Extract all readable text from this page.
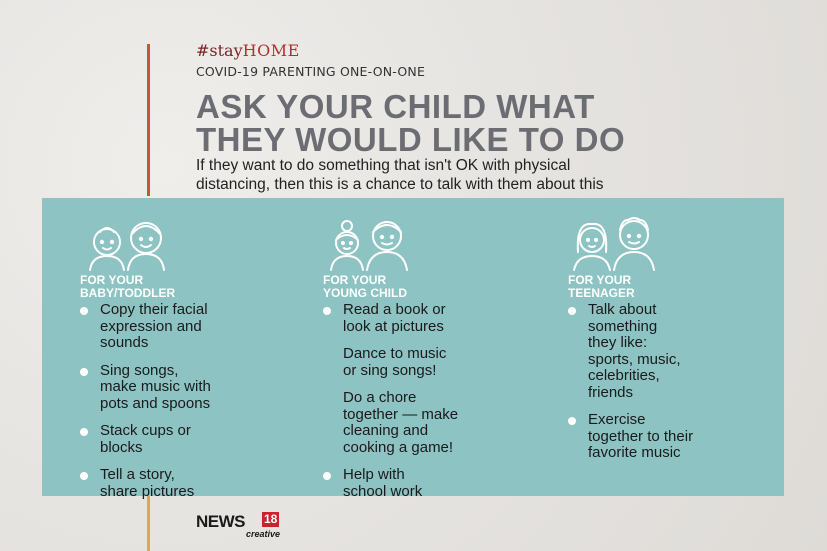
#stayHOME
COVID-19 PARENTING ONE-ON-ONE
ASK YOUR CHILD WHAT
THEY WOULD LIKE TO DO
If they want to do something that isn't OK with physical
distancing, then this is a chance to talk with them about this
FOR YOUR
BABY/TODDLER
Copy their facial
expression and
sounds
Sing songs,
make music with
pots and spoons
Stack cups or
blocks
Tell a story,
share pictures
FOR YOUR
YOUNG CHILD
Read a book or
look at pictures
Dance to music
or sing songs!
Do a chore
together — make
cleaning and
cooking a game!
Help with
school work
FOR YOUR
TEENAGER
Talk about
something
they like:
sports, music,
celebrities,
friends
Exercise
together to their
favorite music
NEWS 18
creative
